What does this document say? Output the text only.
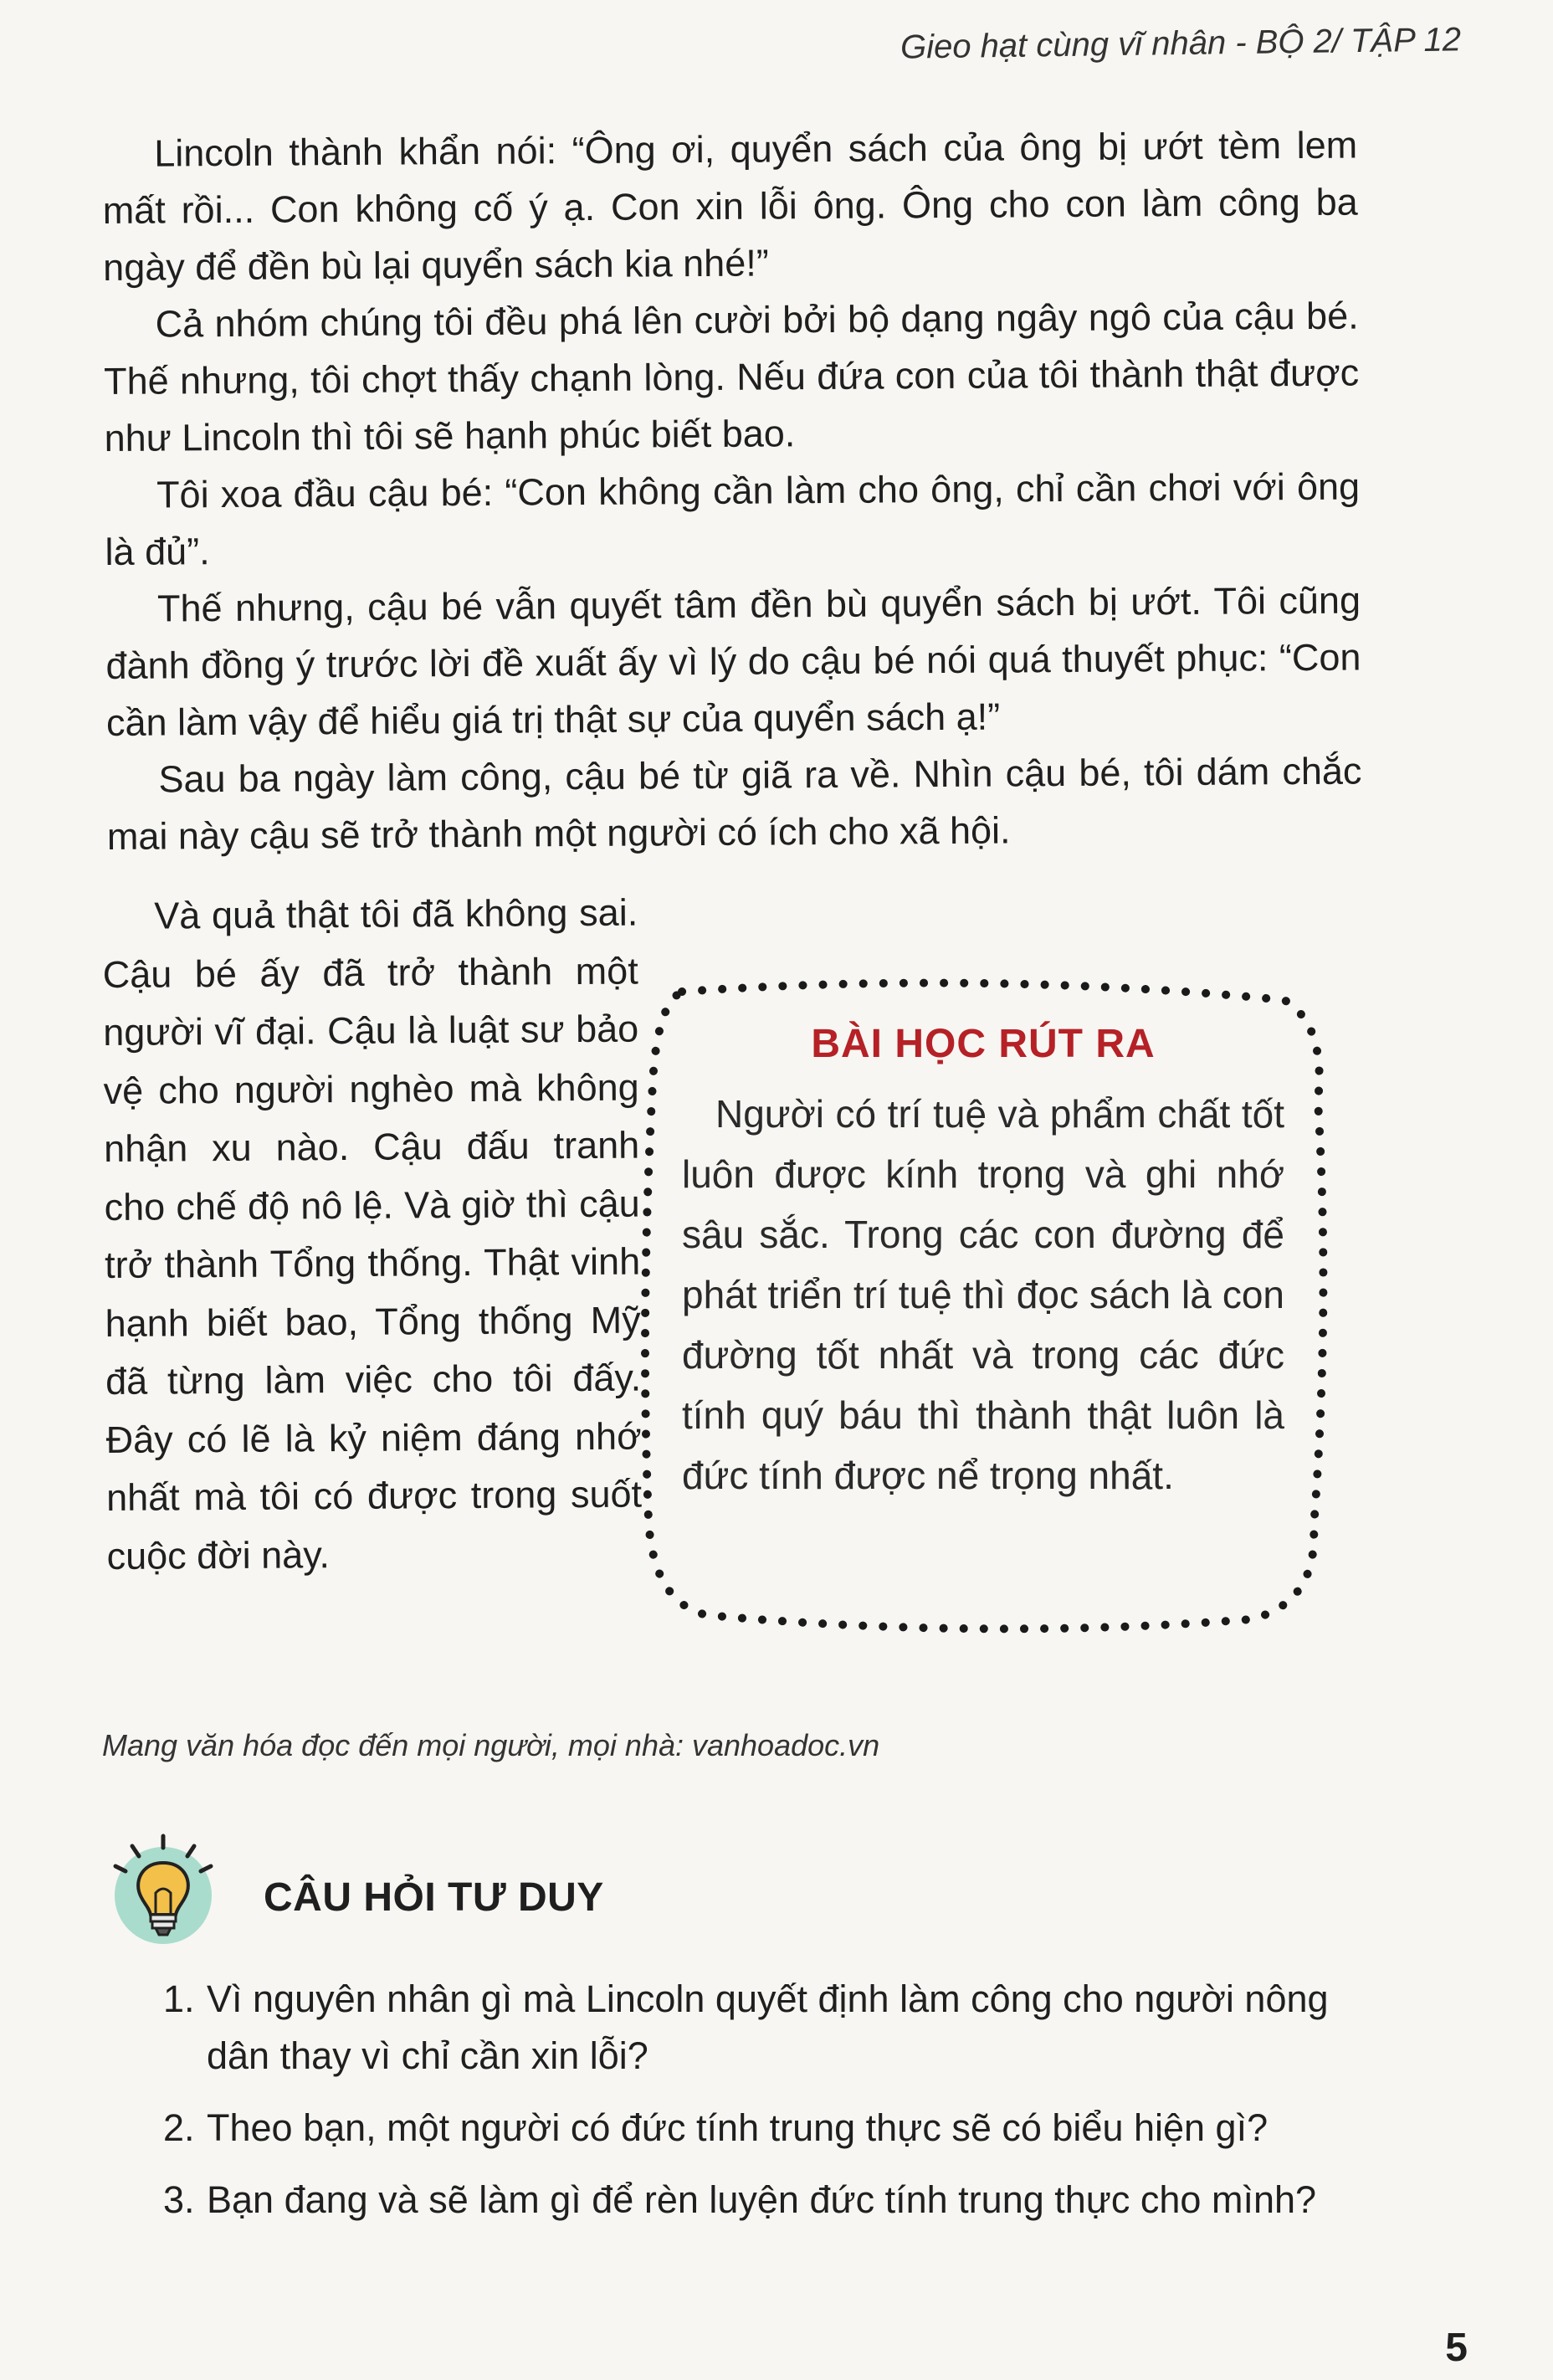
Gieo hạt cùng vĩ nhân - BỘ 2/ TẬP 12

Lincoln thành khẩn nói: “Ông ơi, quyển sách của ông bị ướt tèm lem mất rồi... Con không cố ý ạ. Con xin lỗi ông. Ông cho con làm công ba ngày để đền bù lại quyển sách kia nhé!”

Cả nhóm chúng tôi đều phá lên cười bởi bộ dạng ngây ngô của cậu bé. Thế nhưng, tôi chợt thấy chạnh lòng. Nếu đứa con của tôi thành thật được như Lincoln thì tôi sẽ hạnh phúc biết bao.

Tôi xoa đầu cậu bé: “Con không cần làm cho ông, chỉ cần chơi với ông là đủ”.

Thế nhưng, cậu bé vẫn quyết tâm đền bù quyển sách bị ướt. Tôi cũng đành đồng ý trước lời đề xuất ấy vì lý do cậu bé nói quá thuyết phục: “Con cần làm vậy để hiểu giá trị thật sự của quyển sách ạ!”

Sau ba ngày làm công, cậu bé từ giã ra về. Nhìn cậu bé, tôi dám chắc mai này cậu sẽ trở thành một người có ích cho xã hội.

Và quả thật tôi đã không sai. Cậu bé ấy đã trở thành một người vĩ đại. Cậu là luật sư bảo vệ cho người nghèo mà không nhận xu nào. Cậu đấu tranh cho chế độ nô lệ. Và giờ thì cậu trở thành Tổng thống. Thật vinh hạnh biết bao, Tổng thống Mỹ đã từng làm việc cho tôi đấy. Đây có lẽ là kỷ niệm đáng nhớ nhất mà tôi có được trong suốt cuộc đời này.

BÀI HỌC RÚT RA
Người có trí tuệ và phẩm chất tốt luôn được kính trọng và ghi nhớ sâu sắc. Trong các con đường để phát triển trí tuệ thì đọc sách là con đường tốt nhất và trong các đức tính quý báu thì thành thật luôn là đức tính được nể trọng nhất.
Mang văn hóa đọc đến mọi người, mọi nhà: vanhoadoc.vn
CÂU HỎI TƯ DUY
1. Vì nguyên nhân gì mà Lincoln quyết định làm công cho người nông dân thay vì chỉ cần xin lỗi?
2. Theo bạn, một người có đức tính trung thực sẽ có biểu hiện gì?
3. Bạn đang và sẽ làm gì để rèn luyện đức tính trung thực cho mình?
5
